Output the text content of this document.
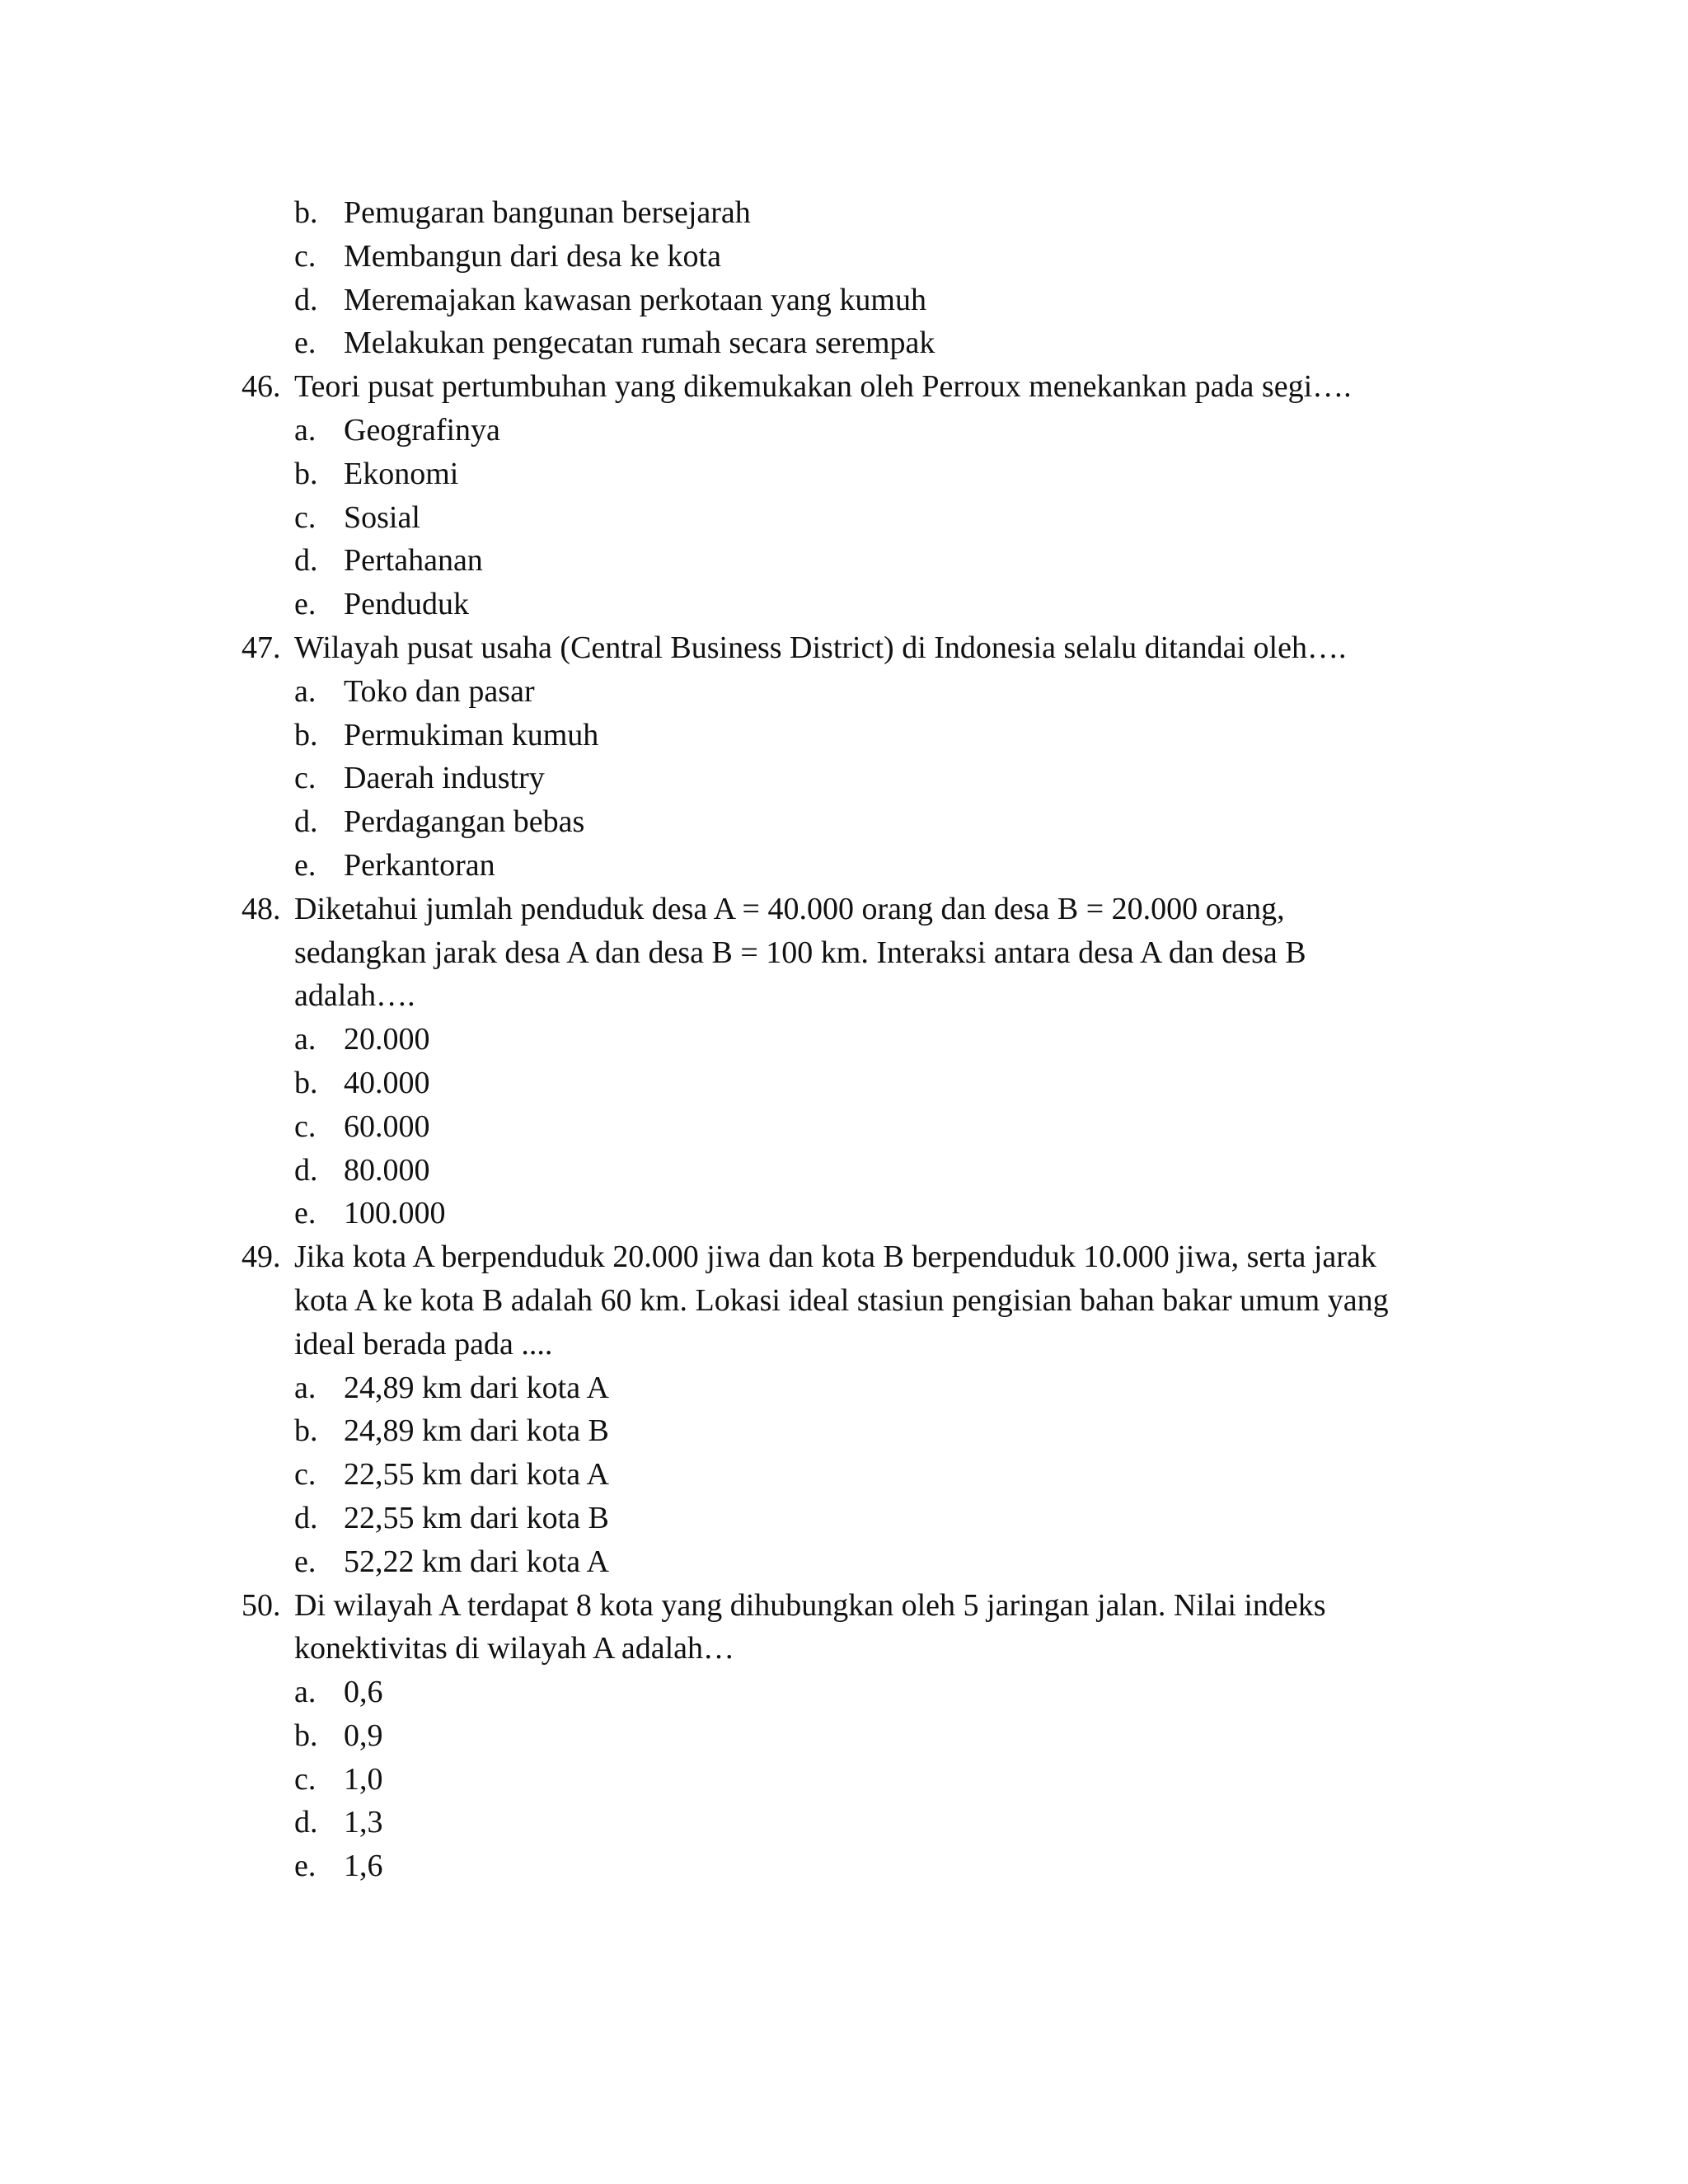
b. Pemugaran bangunan bersejarah
c. Membangun dari desa ke kota
d. Meremajakan kawasan perkotaan yang kumuh
e. Melakukan pengecatan rumah secara serempak
46. Teori pusat pertumbuhan yang dikemukakan oleh Perroux menekankan pada segi….
a. Geografinya
b. Ekonomi
c. Sosial
d. Pertahanan
e. Penduduk
47. Wilayah pusat usaha (Central Business District) di Indonesia selalu ditandai oleh….
a. Toko dan pasar
b. Permukiman kumuh
c. Daerah industry
d. Perdagangan bebas
e. Perkantoran
48. Diketahui jumlah penduduk desa A = 40.000 orang dan desa B = 20.000 orang,
sedangkan jarak desa A dan desa B = 100 km. Interaksi antara desa A dan desa B
adalah….
a. 20.000
b. 40.000
c. 60.000
d. 80.000
e. 100.000
49. Jika kota A berpenduduk 20.000 jiwa dan kota B berpenduduk 10.000 jiwa, serta jarak
kota A ke kota B adalah 60 km. Lokasi ideal stasiun pengisian bahan bakar umum yang
ideal berada pada ....
a. 24,89 km dari kota A
b. 24,89 km dari kota B
c. 22,55 km dari kota A
d. 22,55 km dari kota B
e. 52,22 km dari kota A
50. Di wilayah A terdapat 8 kota yang dihubungkan oleh 5 jaringan jalan. Nilai indeks
konektivitas di wilayah A adalah…
a. 0,6
b. 0,9
c. 1,0
d. 1,3
e. 1,6
